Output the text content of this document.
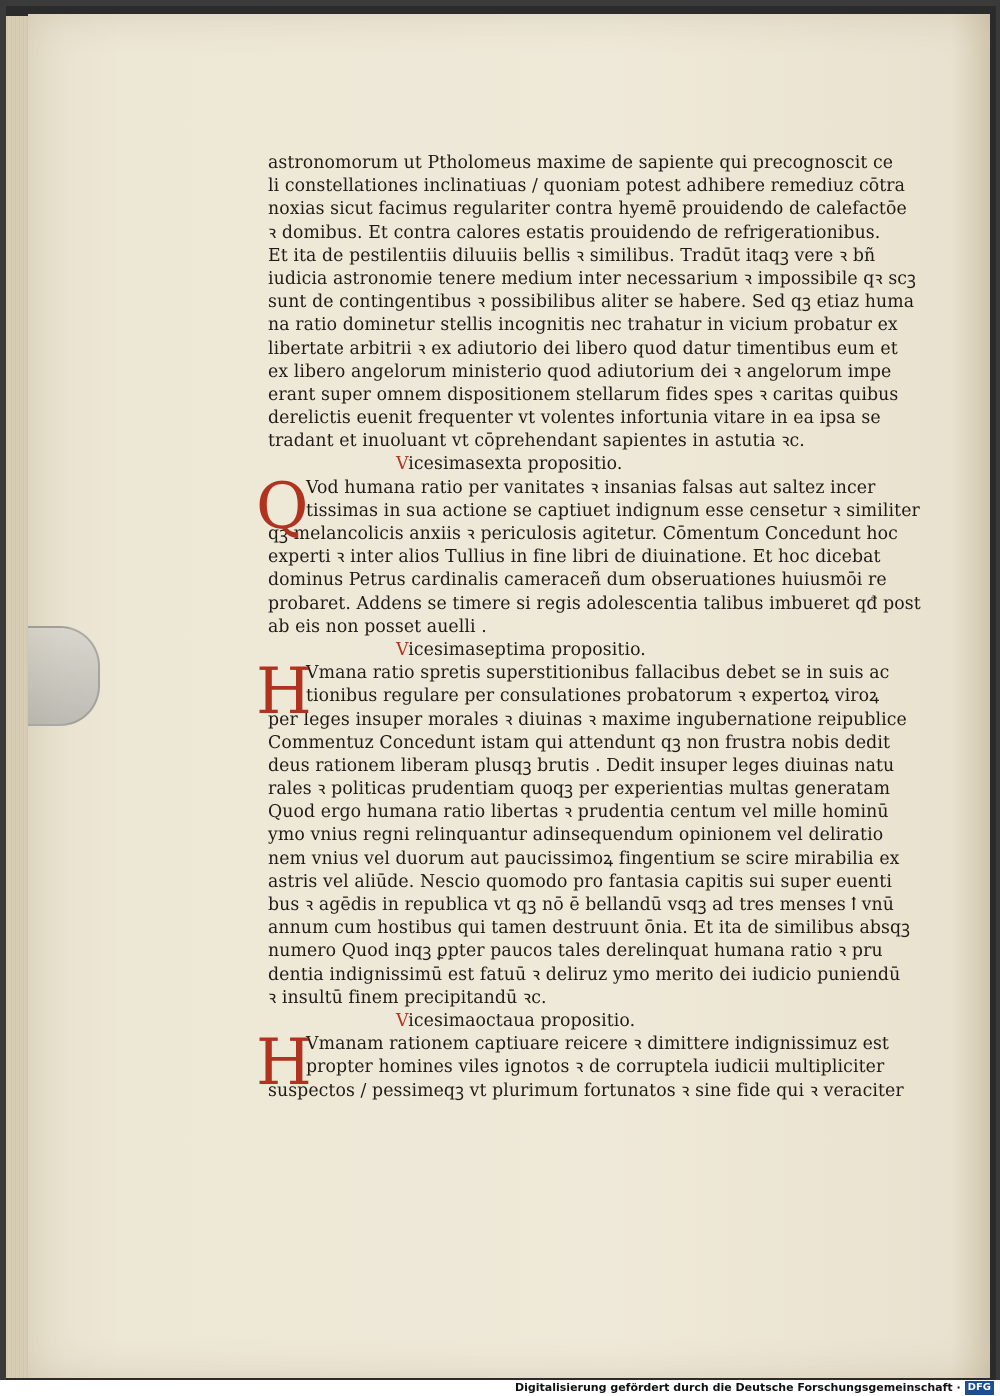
astronomorum ut Ptholomeus maxime de sapiente qui precognoscit ce
li constellationes inclinatiuas / quoniam potest adhibere remediuz cōtra
noxias sicut facimus regulariter contra hyemē prouidendo de calefactōe
ꝛ domibus. Et contra calores estatis prouidendo de refrigerationibus.
Et ita de pestilentiis diluuiis bellis ꝛ similibus. Tradūt itaqꝫ vere ꝛ bñ
iudicia astronomie tenere medium inter necessarium ꝛ impossibile qꝛ scꝫ
sunt de contingentibus ꝛ possibilibus aliter se habere. Sed qꝫ etiaz huma
na ratio dominetur stellis incognitis nec trahatur in vicium probatur ex
libertate arbitrii ꝛ ex adiutorio dei libero quod datur timentibus eum et
ex libero angelorum ministerio quod adiutorium dei ꝛ angelorum impe
erant super omnem dispositionem stellarum fides spes ꝛ caritas quibus
derelictis euenit frequenter vt volentes infortunia vitare in ea ipsa se
tradant et inuoluant vt cōprehendant sapientes in astutia ꝛc.
Vicesimasexta propositio.
Q
Vod humana ratio per vanitates ꝛ insanias falsas aut saltez incer
tissimas in sua actione se captiuet indignum esse censetur ꝛ similiter
qꝫ melancolicis anxiis ꝛ periculosis agitetur. Cōmentum Concedunt hoc
experti ꝛ inter alios Tullius in fine libri de diuinatione. Et hoc dicebat
dominus Petrus cardinalis cameraceñ dum obseruationes huiusmōi re
probaret. Addens se timere si regis adolescentia talibus imbueret qđ post
ab eis non posset auelli .
Vicesimaseptima propositio.
H
Vmana ratio spretis superstitionibus fallacibus debet se in suis ac
tionibus regulare per consulationes probatorum ꝛ expertoꝝ viroꝝ
per leges insuper morales ꝛ diuinas ꝛ maxime ingubernatione reipublice
Commentuz Concedunt istam qui attendunt qꝫ non frustra nobis dedit
deus rationem liberam plusqꝫ brutis . Dedit insuper leges diuinas natu
rales ꝛ politicas prudentiam quoqꝫ per experientias multas generatam
Quod ergo humana ratio libertas ꝛ prudentia centum vel mille hominū
ymo vnius regni relinquantur adinsequendum opinionem vel deliratio
nem vnius vel duorum aut paucissimoꝝ fingentium se scire mirabilia ex
astris vel aliūde. Nescio quomodo pro fantasia capitis sui super euenti
bus ꝛ agēdis in republica vt qꝫ nō ē bellandū vsqꝫ ad tres menses ꝉ vnū
annum cum hostibus qui tamen destruunt ōnia. Et ita de similibus absqꝫ
numero Quod inqꝫ ꝑpter paucos tales derelinquat humana ratio ꝛ pru
dentia indignissimū est fatuū ꝛ deliruz ymo merito dei iudicio puniendū
ꝛ insultū finem precipitandū ꝛc.
Vicesimaoctaua propositio.
H
Vmanam rationem captiuare reicere ꝛ dimittere indignissimuz est
propter homines viles ignotos ꝛ de corruptela iudicii multipliciter
suspectos / pessimeqꝫ vt plurimum fortunatos ꝛ sine fide qui ꝛ veraciter
Digitalisierung gefördert durch die Deutsche Forschungsgemeinschaft · DFG
